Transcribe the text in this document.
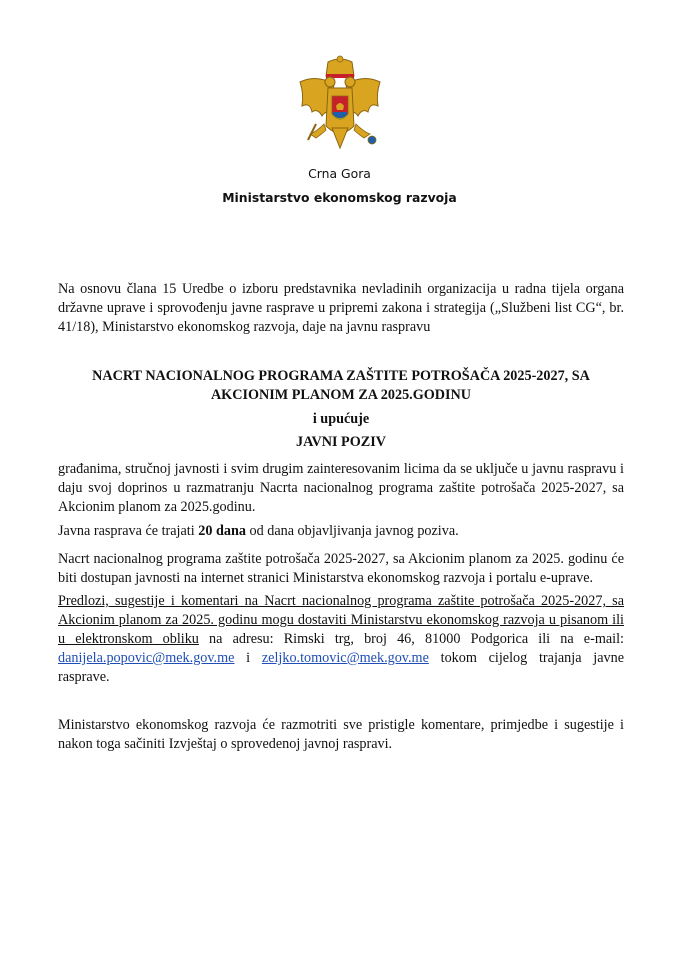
Crna Gora
Ministarstvo ekonomskog razvoja
Na osnovu člana 15 Uredbe o izboru predstavnika nevladinih organizacija u radna tijela organa državne uprave i sprovođenju javne rasprave u pripremi zakona i strategija („Službeni list CG“, br. 41/18), Ministarstvo ekonomskog razvoja, daje na javnu raspravu
NACRT NACIONALNOG PROGRAMA ZAŠTITE POTROŠAČA 2025-2027, SA
AKCIONIM PLANOM ZA 2025.GODINU
i upućuje
JAVNI POZIV
građanima, stručnoj javnosti i svim drugim zainteresovanim licima da se uključe u javnu raspravu i daju svoj doprinos u razmatranju Nacrta nacionalnog programa zaštite potrošača 2025-2027, sa Akcionim planom za 2025.godinu.
Javna rasprava će trajati 20 dana od dana objavljivanja javnog poziva.
Nacrt nacionalnog programa zaštite potrošača 2025-2027, sa Akcionim planom za 2025. godinu će biti dostupan javnosti na internet stranici Ministarstva ekonomskog razvoja i portalu e-uprave.
Predlozi, sugestije i komentari na Nacrt nacionalnog programa zaštite potrošača 2025-2027, sa Akcionim planom za 2025. godinu mogu dostaviti Ministarstvu ekonomskog razvoja u pisanom ili u elektronskom obliku na adresu: Rimski trg, broj 46, 81000 Podgorica ili na e-mail: danijela.popovic@mek.gov.me i zeljko.tomovic@mek.gov.me tokom cijelog trajanja javne rasprave.
Ministarstvo ekonomskog razvoja će razmotriti sve pristigle komentare, primjedbe i sugestije i nakon toga sačiniti Izvještaj o sprovedenoj javnoj raspravi.
